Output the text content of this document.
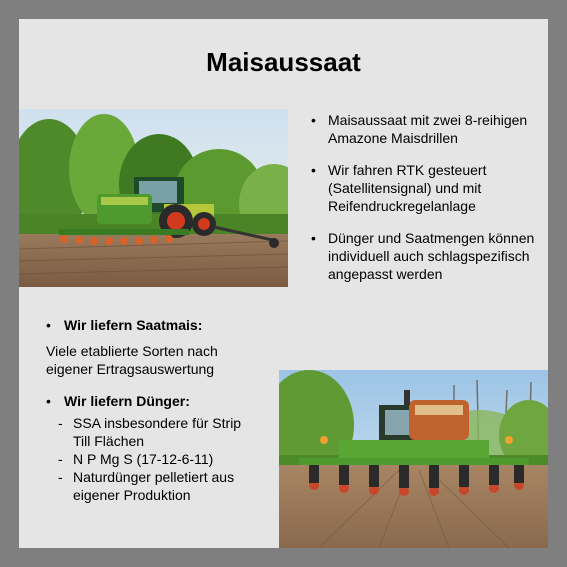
Maisaussaat
• Maisaussaat mit zwei 8-reihigen Amazone Maisdrillen
• Wir fahren RTK gesteuert (Satellitensignal) und mit Reifendruckregelanlage
• Dünger und Saatmengen können individuell auch schlagspezifisch angepasst werden
• Wir liefern Saatmais:
Viele etablierte Sorten nach eigener Ertragsauswertung
• Wir liefern Dünger:
- SSA insbesondere für Strip Till Flächen
- N P Mg S (17-12-6-11)
- Naturdünger pelletiert aus eigener Produktion
